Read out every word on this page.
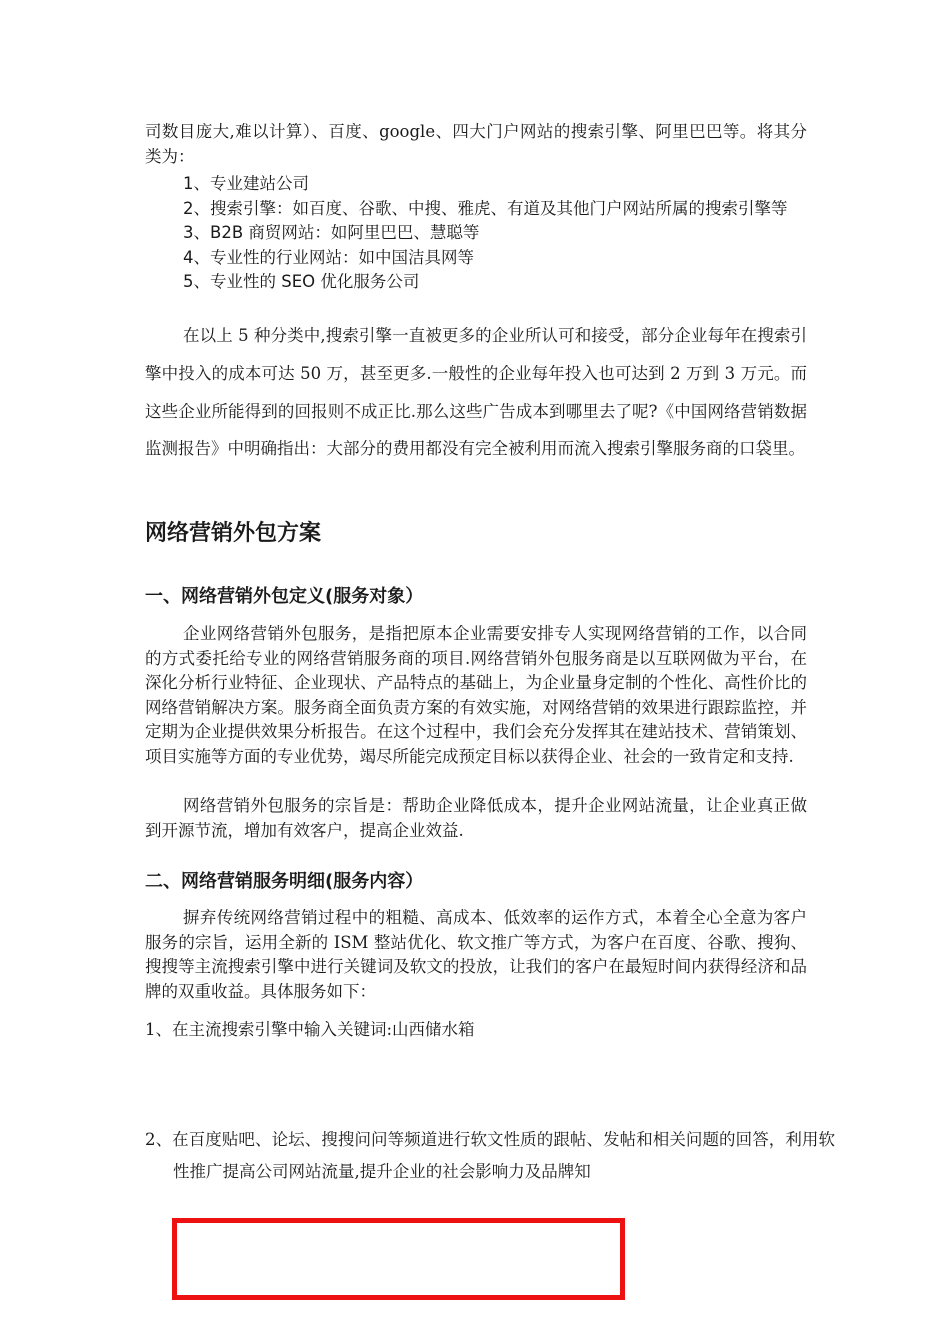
司数目庞大,难以计算）、百度、google、四大门户网站的搜索引擎、阿里巴巴等。将其分类为：

1、专业建站公司
2、搜索引擎：如百度、谷歌、中搜、雅虎、有道及其他门户网站所属的搜索引擎等
3、B2B 商贸网站：如阿里巴巴、慧聪等
4、专业性的行业网站：如中国洁具网等
5、专业性的 SEO 优化服务公司

在以上 5 种分类中,搜索引擎一直被更多的企业所认可和接受，部分企业每年在搜索引擎中投入的成本可达 50 万，甚至更多.一般性的企业每年投入也可达到 2 万到 3 万元。而这些企业所能得到的回报则不成正比.那么这些广告成本到哪里去了呢?《中国网络营销数据监测报告》中明确指出：大部分的费用都没有完全被利用而流入搜索引擎服务商的口袋里。

网络营销外包方案
一、网络营销外包定义(服务对象）

企业网络营销外包服务，是指把原本企业需要安排专人实现网络营销的工作，以合同的方式委托给专业的网络营销服务商的项目.网络营销外包服务商是以互联网做为平台，在深化分析行业特征、企业现状、产品特点的基础上，为企业量身定制的个性化、高性价比的网络营销解决方案。服务商全面负责方案的有效实施，对网络营销的效果进行跟踪监控，并定期为企业提供效果分析报告。在这个过程中，我们会充分发挥其在建站技术、营销策划、项目实施等方面的专业优势，竭尽所能完成预定目标以获得企业、社会的一致肯定和支持.

网络营销外包服务的宗旨是：帮助企业降低成本，提升企业网站流量，让企业真正做到开源节流，增加有效客户，提高企业效益.

二、网络营销服务明细(服务内容）

摒弃传统网络营销过程中的粗糙、高成本、低效率的运作方式，本着全心全意为客户服务的宗旨，运用全新的 ISM 整站优化、软文推广等方式，为客户在百度、谷歌、搜狗、搜搜等主流搜索引擎中进行关键词及软文的投放，让我们的客户在最短时间内获得经济和品牌的双重收益。具体服务如下：

1、在主流搜索引擎中输入关键词:山西储水箱

2、在百度贴吧、论坛、搜搜问问等频道进行软文性质的跟帖、发帖和相关问题的回答，利用软性推广提高公司网站流量,提升企业的社会影响力及品牌知
